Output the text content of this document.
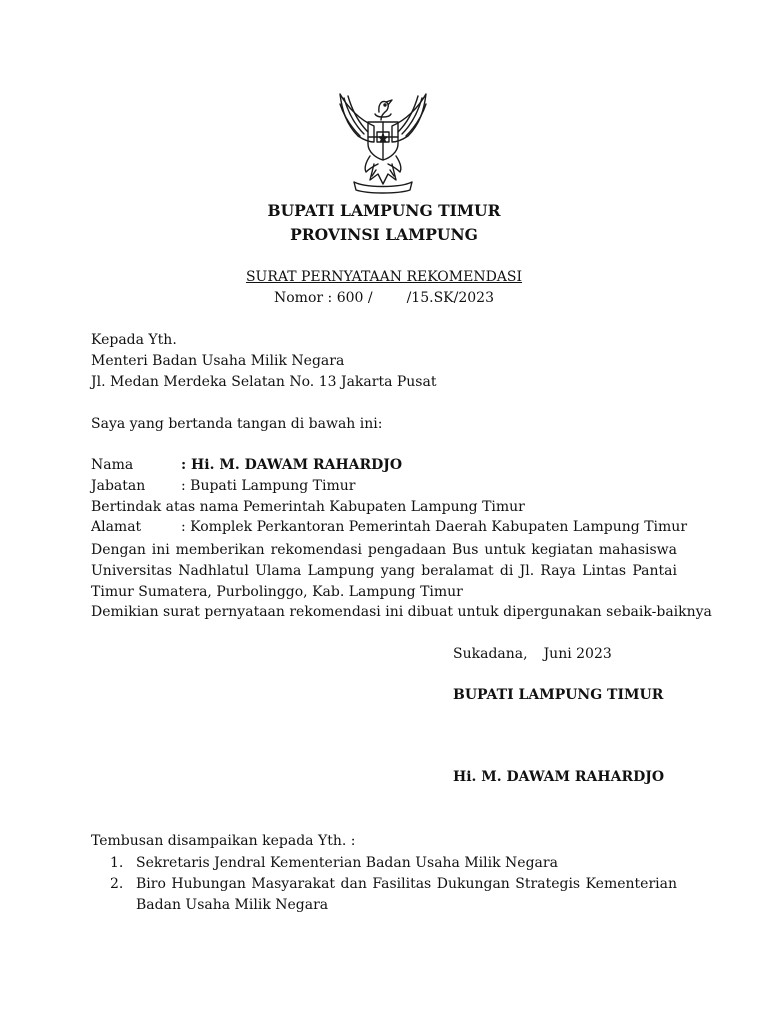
BUPATI LAMPUNG TIMUR
PROVINSI LAMPUNG
SURAT PERNYATAAN REKOMENDASI
Nomor : 600 / /15.SK/2023
Kepada Yth.
Menteri Badan Usaha Milik Negara
Jl. Medan Merdeka Selatan No. 13 Jakarta Pusat
Saya yang bertanda tangan di bawah ini:
Nama	: Hi. M. DAWAM RAHARDJO
Jabatan	: Bupati Lampung Timur
Bertindak atas nama Pemerintah Kabupaten Lampung Timur
Alamat	: Komplek Perkantoran Pemerintah Daerah Kabupaten Lampung Timur
Dengan ini memberikan rekomendasi pengadaan Bus untuk kegiatan mahasiswa Universitas Nadhlatul Ulama Lampung yang beralamat di Jl. Raya Lintas Pantai Timur Sumatera, Purbolinggo, Kab. Lampung Timur
Demikian surat pernyataan rekomendasi ini dibuat untuk dipergunakan sebaik-baiknya
Sukadana, Juni 2023
BUPATI LAMPUNG TIMUR
Hi. M. DAWAM RAHARDJO
Tembusan disampaikan kepada Yth. :
1. Sekretaris Jendral Kementerian Badan Usaha Milik Negara
2. Biro Hubungan Masyarakat dan Fasilitas Dukungan Strategis Kementerian Badan Usaha Milik Negara
